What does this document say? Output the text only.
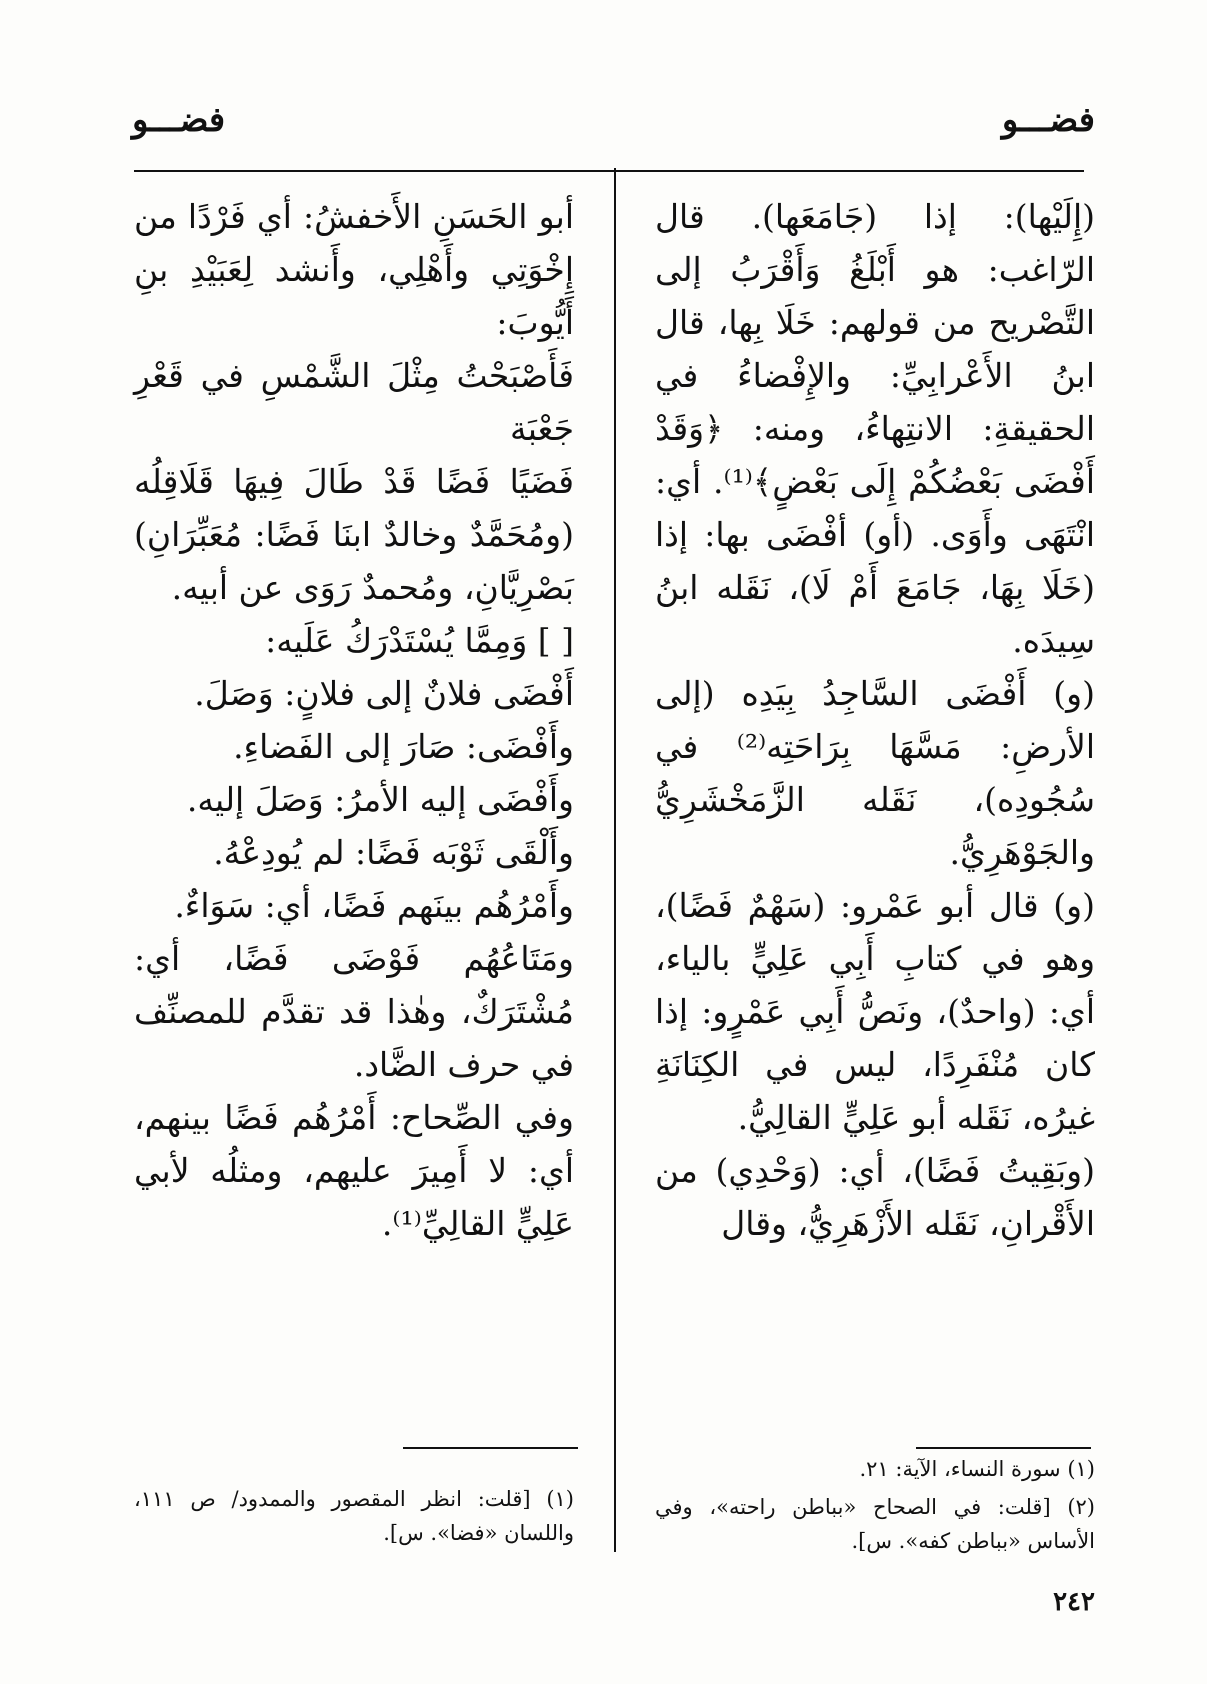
فضـــو
فضـــو

(إِلَيْها): إذا (جَامَعَها). قال الرّاغب: هو أَبْلَغُ وَأَقْرَبُ إلى التَّصْريح من قولهم: خَلَا بِها، قال ابنُ الأَعْرابِيِّ: والإِفْضاءُ في الحقيقةِ: الانتِهاءُ، ومنه: ﴿وَقَدْ أَفْضَى بَعْضُكُمْ إِلَى بَعْضٍ﴾⁽¹⁾. أي: انْتَهَى وأَوَى. (أو) أفْضَى بها: إذا (خَلَا بِهَا، جَامَعَ أَمْ لَا)، نَقَله ابنُ سِيدَه.

(و) أَفْضَى السَّاجِدُ بِيَدِه (إلى الأرضِ: مَسَّهَا بِرَاحَتِه⁽²⁾ في سُجُودِه)، نَقَله الزَّمَخْشَرِيُّ والجَوْهَرِيُّ.

(و) قال أبو عَمْرو: (سَهْمٌ فَضًا)، وهو في كتابِ أَبِي عَلِيٍّ بالياء، أي: (واحدٌ)، ونَصُّ أَبِي عَمْرٍو: إذا كان مُنْفَرِدًا، ليس في الكِنَانَةِ غيرُه، نَقَله أبو عَلِيٍّ القالِيُّ.

(وبَقِيتُ فَضًا)، أي: (وَحْدِي) من الأَقْرانِ، نَقَله الأَزْهَرِيُّ، وقال

أبو الحَسَنِ الأَخفشُ: أي فَرْدًا من إِخْوَتِي وأَهْلِي، وأَنشد لِعَبَيْدِ بنِ أَيُّوبَ:

فَأَصْبَحْتُ مِثْلَ الشَّمْسِ في قَعْرِ جَعْبَة

فَضَيًا فَضًا قَدْ طَالَ فِيهَا قَلَاقِلُه

(ومُحَمَّدٌ وخالدٌ ابنَا فَضًا: مُعَبِّرَانِ) بَصْرِيَّانِ، ومُحمدٌ رَوَى عن أبيه.

[ ] وَمِمَّا يُسْتَدْرَكُ عَلَيه:

أَفْضَى فلانٌ إلى فلانٍ: وَصَلَ.

وأَفْضَى: صَارَ إلى الفَضاءِ.

وأَفْضَى إليه الأمرُ: وَصَلَ إليه.

وأَلْقَى ثَوْبَه فَضًا: لم يُودِعْهُ.

وأَمْرُهُم بينَهم فَضًا، أي: سَوَاءٌ.

ومَتَاعُهُم فَوْضَى فَضًا، أي: مُشْتَرَكٌ، وهٰذا قد تقدَّم للمصنِّف في حرف الضَّاد.

وفي الصِّحاح: أَمْرُهُم فَضًا بينهم، أي: لا أَمِيرَ عليهم، ومثلُه لأبي عَلِيٍّ القالِيِّ⁽¹⁾.

(١) سورة النساء، الآية: ٢١.

(٢) [قلت: في الصحاح «بباطن راحته»، وفي الأساس «بباطن كفه». س].

(١) [قلت: انظر المقصور والممدود/ ص ١١١، واللسان «فضا». س].

٢٤٢
